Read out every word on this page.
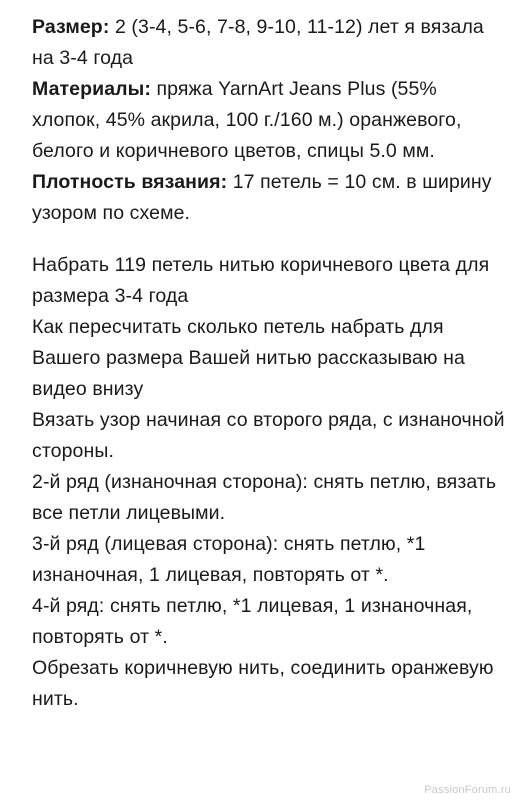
Размер: 2 (3-4, 5-6, 7-8, 9-10, 11-12) лет я вязала на 3-4 года

Материалы: пряжа YarnArt Jeans Plus (55% хлопок, 45% акрила, 100 г./160 м.) оранжевого, белого и коричневого цветов, спицы 5.0 мм.

Плотность вязания: 17 петель = 10 см. в ширину узором по схеме.

Набрать 119 петель нитью коричневого цвета для размера 3-4 года

Как пересчитать сколько петель набрать для Вашего размера Вашей нитью рассказываю на видео внизу

Вязать узор начиная со второго ряда, с изнаночной стороны.

2-й ряд (изнаночная сторона): снять петлю, вязать все петли лицевыми.

3-й ряд (лицевая сторона): снять петлю, *1 изнаночная, 1 лицевая, повторять от *.

4-й ряд: снять петлю, *1 лицевая, 1 изнаночная, повторять от *.

Обрезать коричневую нить, соединить оранжевую нить.

PassionForum.ru
